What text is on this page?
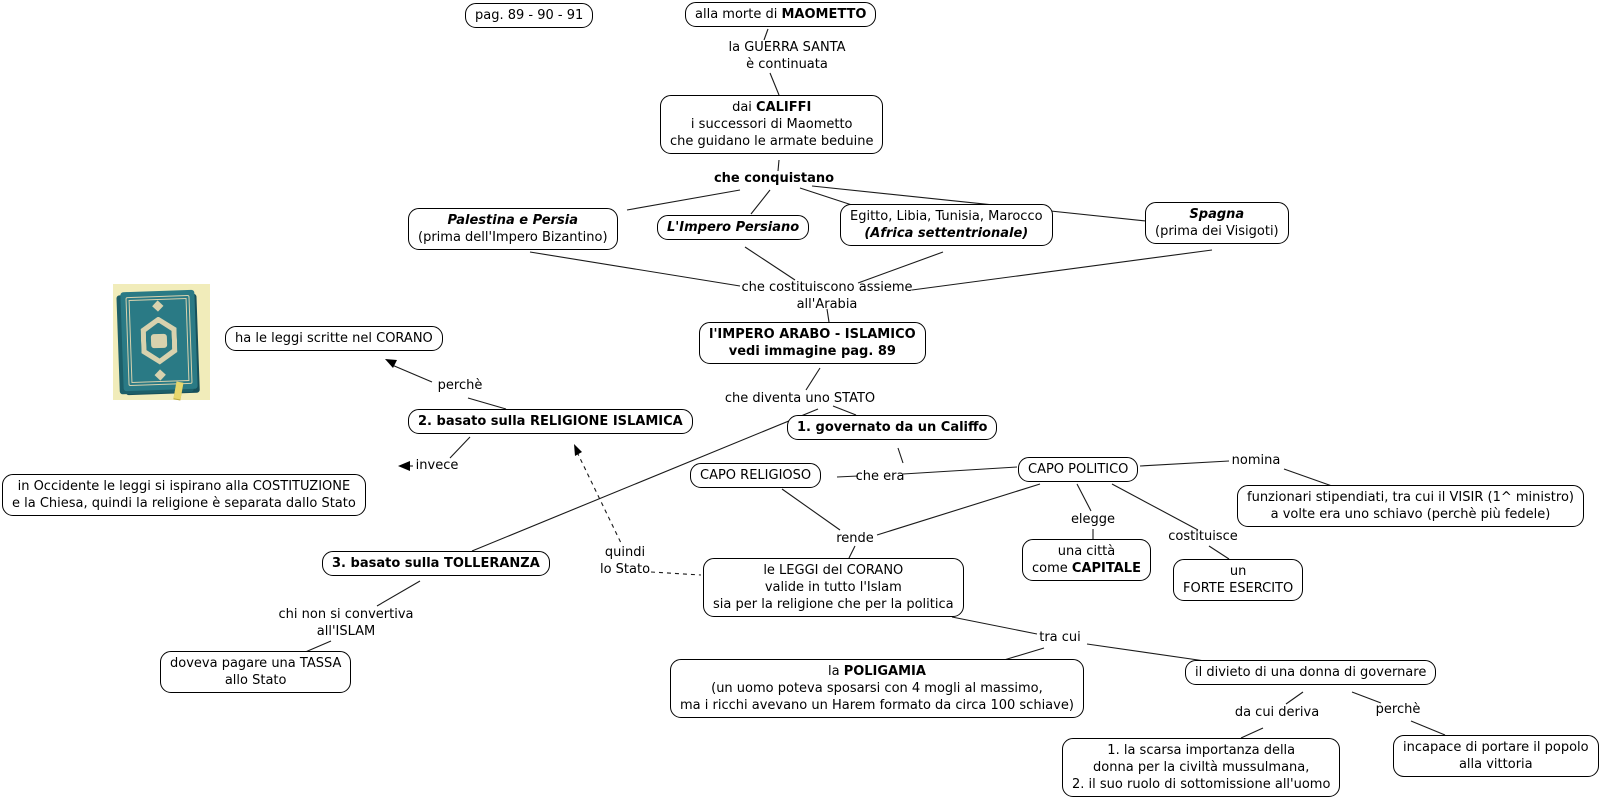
pag. 89 - 90 - 91	alla morte di MAOMETTO
la GUERRA SANTA
è continuata
dai CALIFFI
i successori di Maometto
che guidano le armate beduine
che conquistano
Palestina e Persia
(prima dell'Impero Bizantino)
L'Impero Persiano
Egitto, Libia, Tunisia, Marocco
(Africa settentrionale)
Spagna
(prima dei Visigoti)
che costituiscono assieme
all'Arabia
l'IMPERO ARABO - ISLAMICO
vedi immagine pag. 89
ha le leggi scritte nel CORANO
perchè
2. basato sulla RELIGIONE ISLAMICA
che diventa uno STATO
1. governato da un Califfo
CAPO RELIGIOSO	che era	CAPO POLITICO
nomina
funzionari stipendiati, tra cui il VISIR (1^ ministro)
a volte era uno schiavo (perchè più fedele)
elegge
una città
come CAPITALE
costituisce
un
FORTE ESERCITO
rende
quindi
lo Stato	le LEGGI del CORANO
valide in tutto l'Islam
sia per la religione che per la politica
invece
in Occidente le leggi si ispirano alla COSTITUZIONE
e la Chiesa, quindi la religione è separata dallo Stato
3. basato sulla TOLLERANZA
chi non si convertiva
all'ISLAM
doveva pagare una TASSA
allo Stato
tra cui
la POLIGAMIA
(un uomo poteva sposarsi con 4 mogli al massimo,
ma i ricchi avevano un Harem formato da circa 100 schiave)
il divieto di una donna di governare
da cui deriva	perchè
1. la scarsa importanza della
donna per la civiltà mussulmana,
2. il suo ruolo di sottomissione all'uomo
incapace di portare il popolo
alla vittoria
